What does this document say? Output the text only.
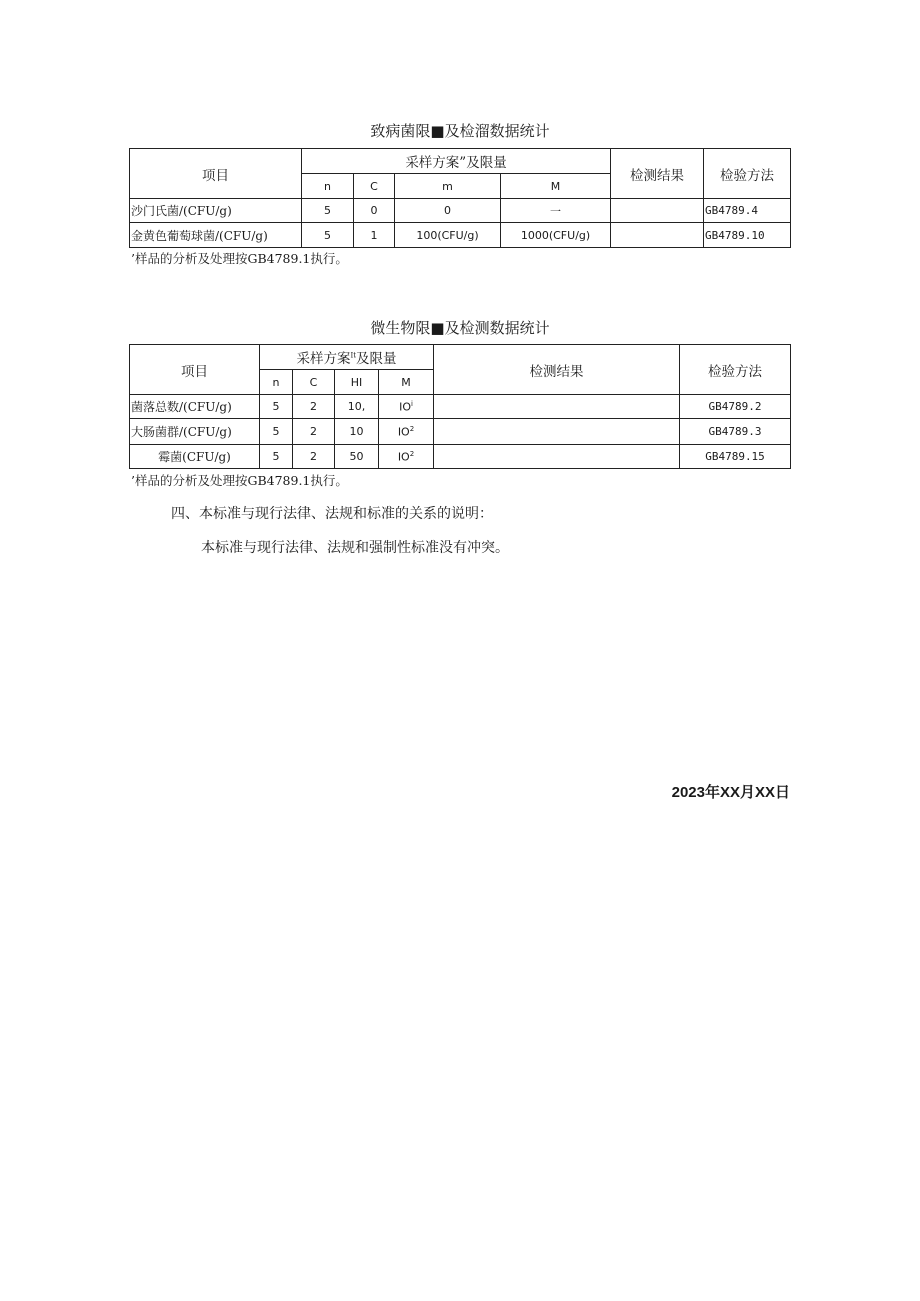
致病菌限■及检溜数据统计
项目	采样方案”及限量				检测结果	检验方法
	n	C	m	M		
沙门氏菌/(CFU/g)	5	0	0	一		GB4789.4
金黄色葡萄球菌/(CFU/g)	5	1	100(CFU/g)	1000(CFU/g)		GB4789.10
’样品的分析及处理按GB4789.1执行。
微生物限■及检测数据统计
项目	采样方案$^{It}$及限量				检测结果	检验方法
	n	C	HI	M		
菌落总数/(CFU/g)	5	2	10,	$IO^i$		GB4789.2
大肠菌群/(CFU/g)	5	2	10	$IO^2$		GB4789.3
霉菌(CFU/g)	5	2	50	$IO^2$		GB4789.15
’样品的分析及处理按GB4789.1执行。
四、本标准与现行法律、法规和标准的关系的说明：
本标准与现行法律、法规和强制性标准没有冲突。
2023年XX月XX日
